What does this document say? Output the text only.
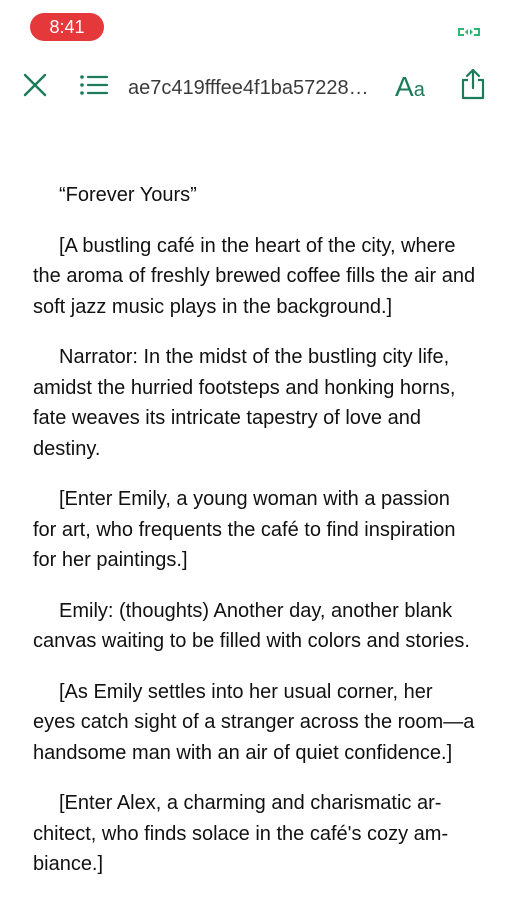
8:41
ae7c419fffee4f1ba57228… A a

“Forever Yours”

[A bustling café in the heart of the city, where the aroma of freshly brewed coffee fills the air and soft jazz music plays in the background.]

Narrator: In the midst of the bustling city life, amidst the hurried footsteps and honking horns, fate weaves its intricate tapestry of love and destiny.

[Enter Emily, a young woman with a passion for art, who frequents the café to find inspiration for her paintings.]

Emily: (thoughts) Another day, another blank canvas waiting to be filled with colors and stories.

[As Emily settles into her usual corner, her eyes catch sight of a stranger across the room—a handsome man with an air of quiet confidence.]

[Enter Alex, a charming and charismatic architect, who finds solace in the café's cozy ambiance.]
